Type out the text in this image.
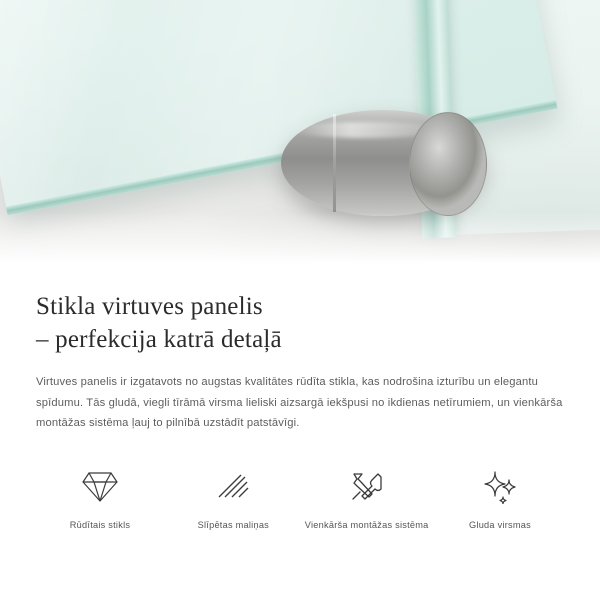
Stikla virtuves panelis
– perfekcija katrā detaļā

Virtuves panelis ir izgatavots no augstas kvalitātes rūdīta stikla, kas nodrošina izturību un elegantu spīdumu. Tās gludā, viegli tīrāmā virsma lieliski aizsargā iekšpusi no ikdienas netīrumiem, un vienkārša montāžas sistēma ļauj to pilnībā uzstādīt patstāvīgi.

Rūdītais stikls	Slīpētas maliņas	Vienkārša montāžas sistēma	Gluda virsmas
